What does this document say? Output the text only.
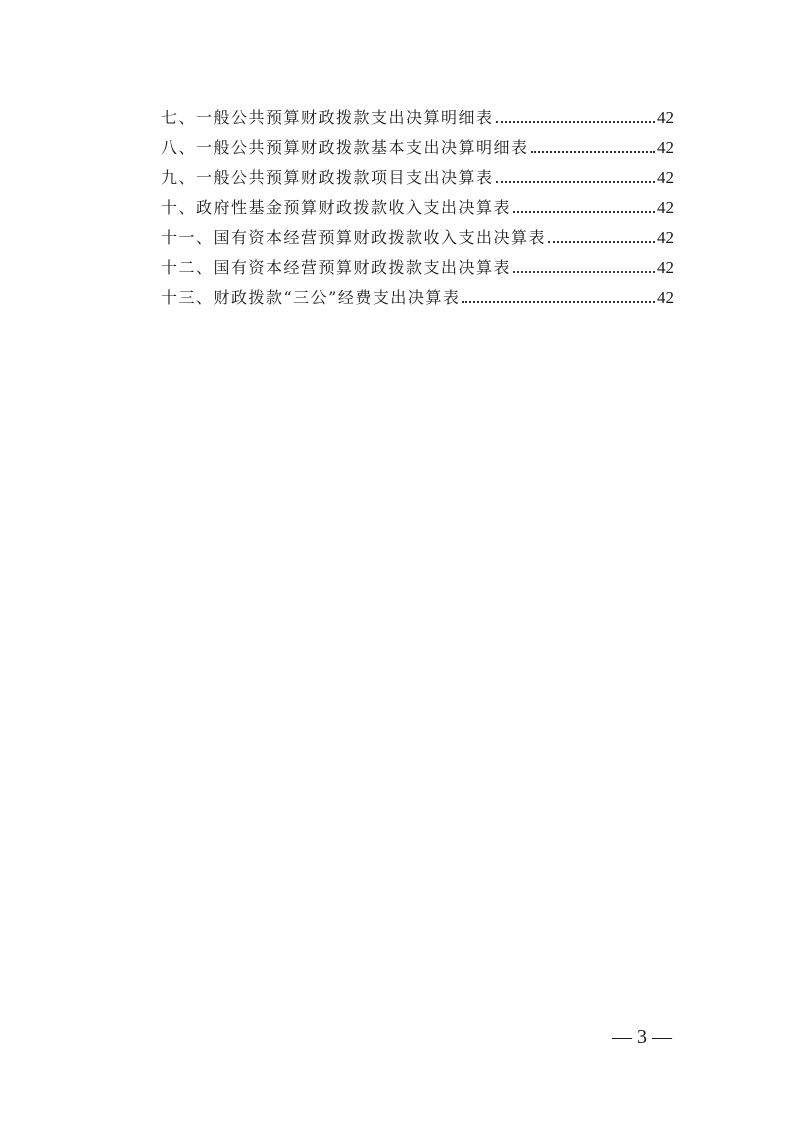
七、一般公共预算财政拨款支出决算明细表	42
八、一般公共预算财政拨款基本支出决算明细表	42
九、一般公共预算财政拨款项目支出决算表	42
十、政府性基金预算财政拨款收入支出决算表	42
十一、国有资本经营预算财政拨款收入支出决算表	42
十二、国有资本经营预算财政拨款支出决算表	42
十三、财政拨款“三公”经费支出决算表	42
— 3 —
